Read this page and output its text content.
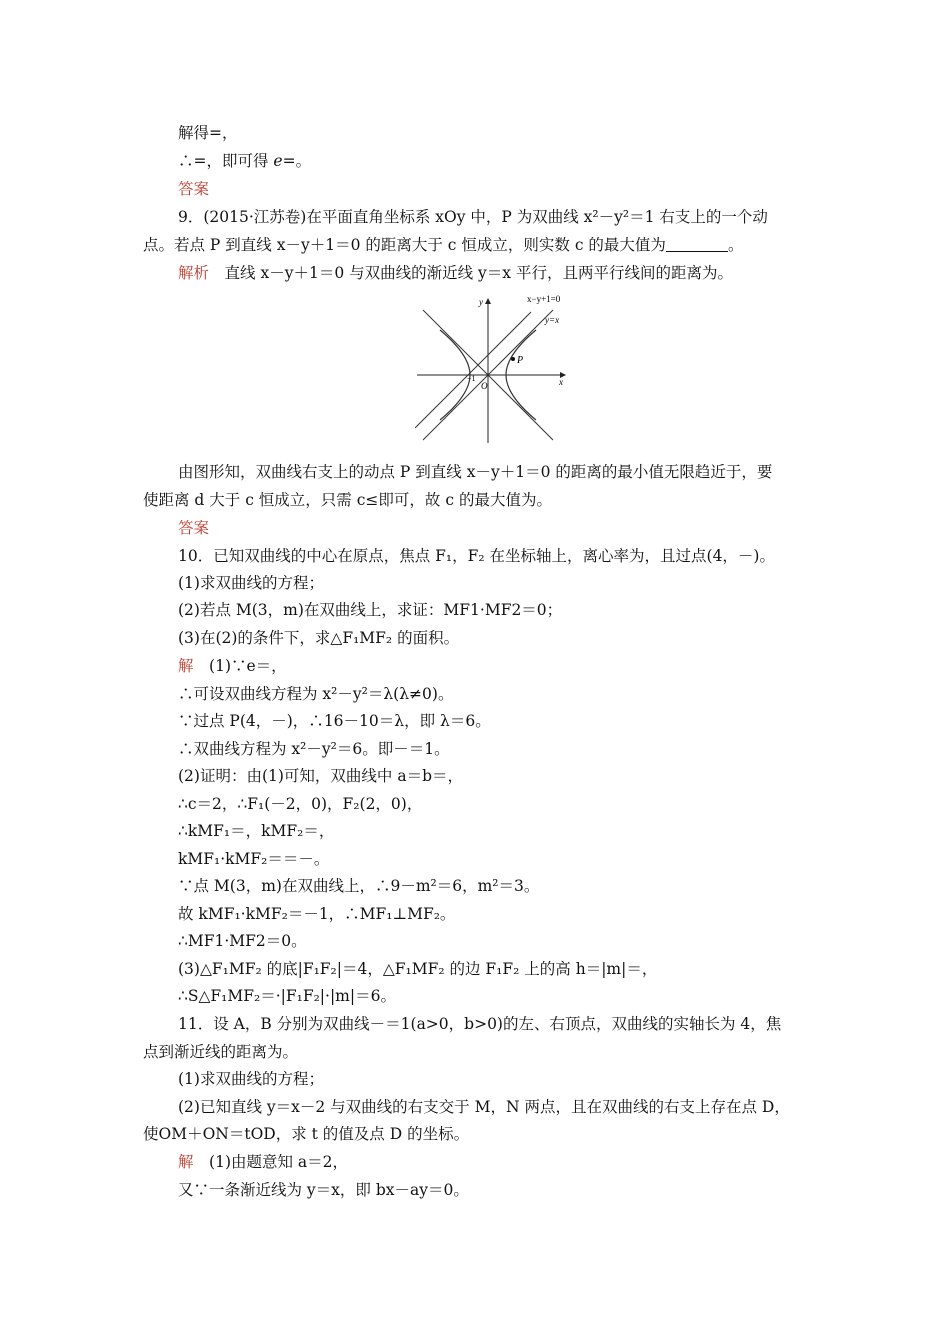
解得=，
∴=，即可得 e=。
答案
9．(2015·江苏卷)在平面直角坐标系 xOy 中，P 为双曲线 x²－y²＝1 右支上的一个动
点。若点 P 到直线 x－y＋1＝0 的距离大于 c 恒成立，则实数 c 的最大值为	。
解析　 直线 x－y＋1＝0 与双曲线的渐近线 y＝x 平行，且两平行线间的距离为。
P
x−y+1=0
y=x
x
y
O
−1
由图形知，双曲线右支上的动点 P 到直线 x－y＋1＝0 的距离的最小值无限趋近于，要
使距离 d 大于 c 恒成立，只需 c≤即可，故 c 的最大值为。
答案
10．已知双曲线的中心在原点，焦点 F₁，F₂ 在坐标轴上，离心率为，且过点(4，－)。
(1)求双曲线的方程；
(2)若点 M(3，m)在双曲线上，求证：MF1·MF2＝0；
(3)在(2)的条件下，求△F₁MF₂ 的面积。
解　 (1)∵e＝，
∴可设双曲线方程为 x²－y²＝λ(λ≠0)。
∵过点 P(4，－)，∴16－10＝λ，即 λ＝6。
∴双曲线方程为 x²－y²＝6。即－＝1。
(2)证明：由(1)可知，双曲线中 a＝b＝，
∴c＝2，∴F₁(－2，0)，F₂(2，0)，
∴kMF₁＝，kMF₂＝，
kMF₁·kMF₂＝＝－。
∵点 M(3，m)在双曲线上，∴9－m²＝6，m²＝3。
故 kMF₁·kMF₂＝－1，∴MF₁⊥MF₂。
∴MF1·MF2＝0。
(3)△F₁MF₂ 的底|F₁F₂|＝4，△F₁MF₂ 的边 F₁F₂ 上的高 h＝|m|＝，
∴S△F₁MF₂＝·|F₁F₂|·|m|＝6。
11．设 A，B 分别为双曲线－＝1(a>0，b>0)的左、右顶点，双曲线的实轴长为 4，焦
点到渐近线的距离为。
(1)求双曲线的方程；
(2)已知直线 y＝x－2 与双曲线的右支交于 M，N 两点，且在双曲线的右支上存在点 D，
使OM＋ON＝tOD，求 t 的值及点 D 的坐标。
解　 (1)由题意知 a＝2，
又∵一条渐近线为 y＝x，即 bx－ay＝0。
